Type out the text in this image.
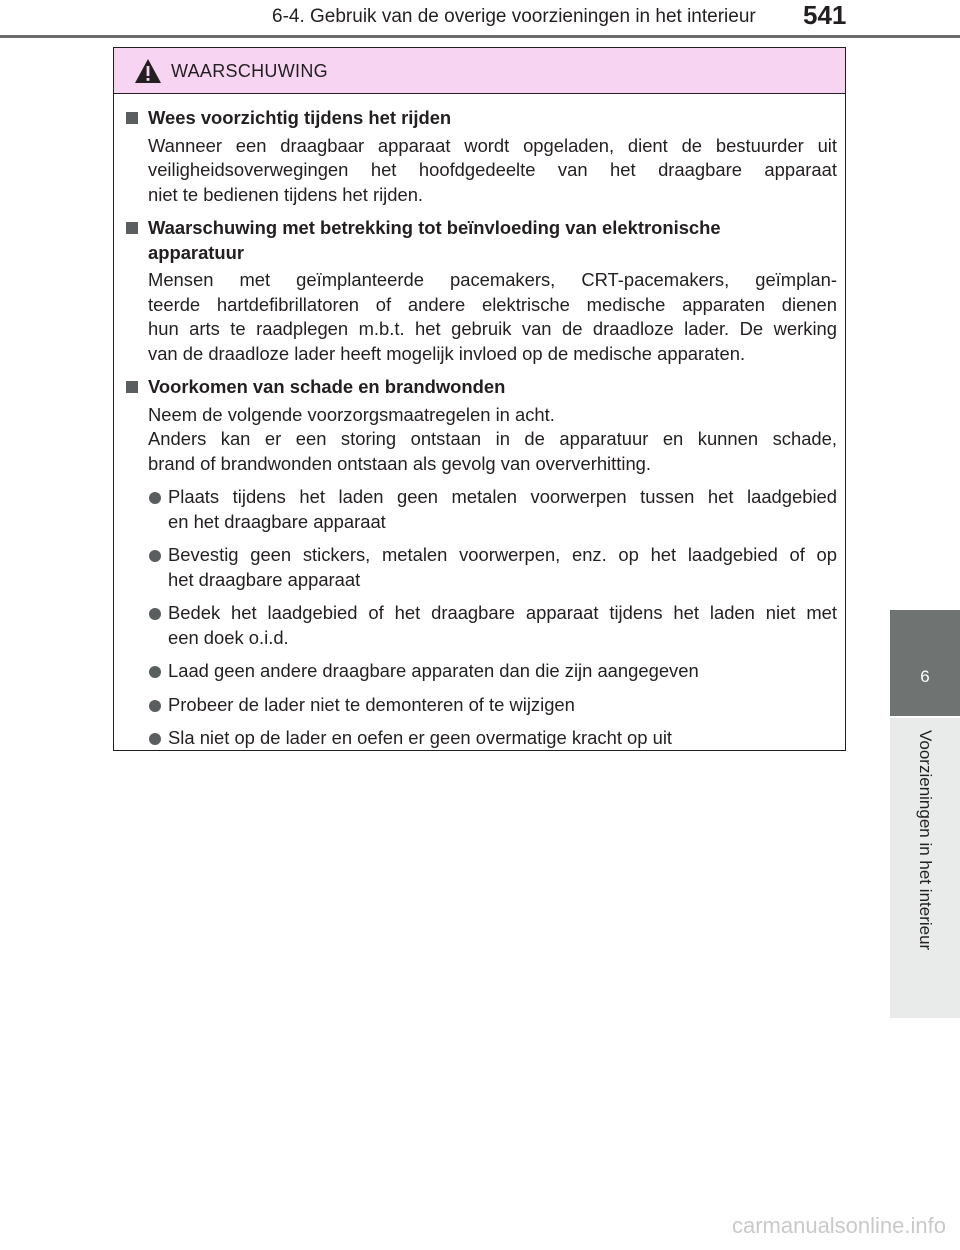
6-4. Gebruik van de overige voorzieningen in het interieur 541
6
Voorzieningen in het interieur
WAARSCHUWING
Wees voorzichtig tijdens het rijden
Wanneer een draagbaar apparaat wordt opgeladen, dient de bestuurder uit
veiligheidsoverwegingen het hoofdgedeelte van het draagbare apparaat
niet te bedienen tijdens het rijden.
Waarschuwing met betrekking tot beïnvloeding van elektronische
apparatuur
Mensen met geïmplanteerde pacemakers, CRT-pacemakers, geïmplan-
teerde hartdefibrillatoren of andere elektrische medische apparaten dienen
hun arts te raadplegen m.b.t. het gebruik van de draadloze lader. De werking
van de draadloze lader heeft mogelijk invloed op de medische apparaten.
Voorkomen van schade en brandwonden
Neem de volgende voorzorgsmaatregelen in acht.
Anders kan er een storing ontstaan in de apparatuur en kunnen schade,
brand of brandwonden ontstaan als gevolg van oververhitting.
Plaats tijdens het laden geen metalen voorwerpen tussen het laadgebied
en het draagbare apparaat
Bevestig geen stickers, metalen voorwerpen, enz. op het laadgebied of op
het draagbare apparaat
Bedek het laadgebied of het draagbare apparaat tijdens het laden niet met
een doek o.i.d.
Laad geen andere draagbare apparaten dan die zijn aangegeven
Probeer de lader niet te demonteren of te wijzigen
Sla niet op de lader en oefen er geen overmatige kracht op uit
carmanualsonline.info
